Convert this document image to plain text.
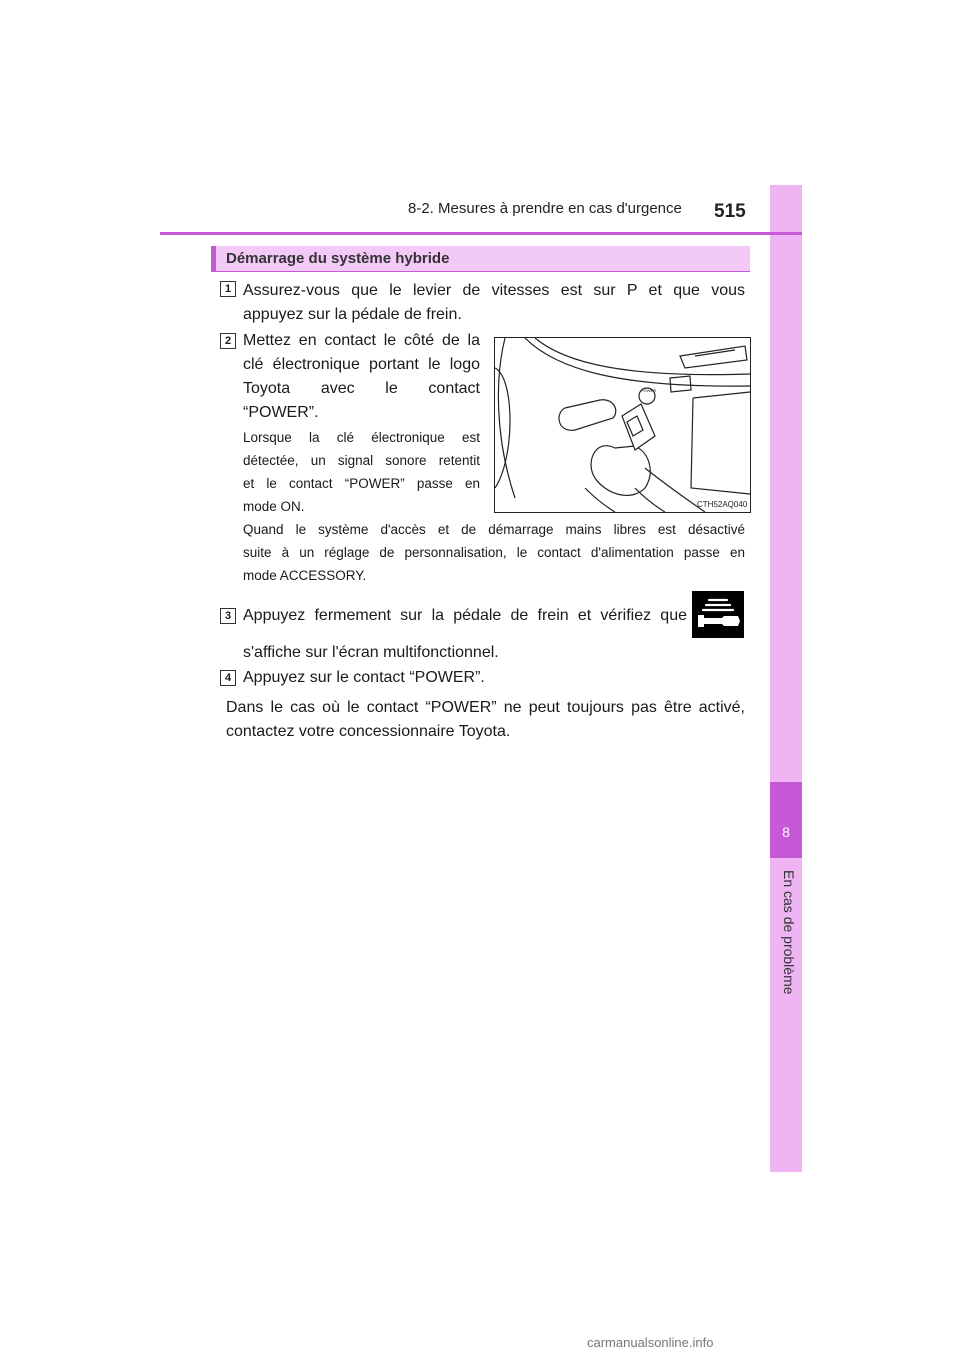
8
En cas de problème
8-2. Mesures à prendre en cas d'urgence 515
Démarrage du système hybride
1 Assurez-vous que le levier de vitesses est sur P et que vous
appuyez sur la pédale de frein.
2 Mettez en contact le côté de la
clé électronique portant le logo
Toyota avec le contact
“POWER”.
Lorsque la clé électronique est
détectée, un signal sonore retentit
et le contact “POWER” passe en
mode ON.
POWER
CTH52AQ040
Quand le système d'accès et de démarrage mains libres est désactivé
suite à un réglage de personnalisation, le contact d'alimentation passe en
mode ACCESSORY.
3 Appuyez fermement sur la pédale de frein et vérifiez que
s'affiche sur l'écran multifonctionnel.
4 Appuyez sur le contact “POWER”.
Dans le cas où le contact “POWER” ne peut toujours pas être activé,
contactez votre concessionnaire Toyota.
carmanualsonline.info
